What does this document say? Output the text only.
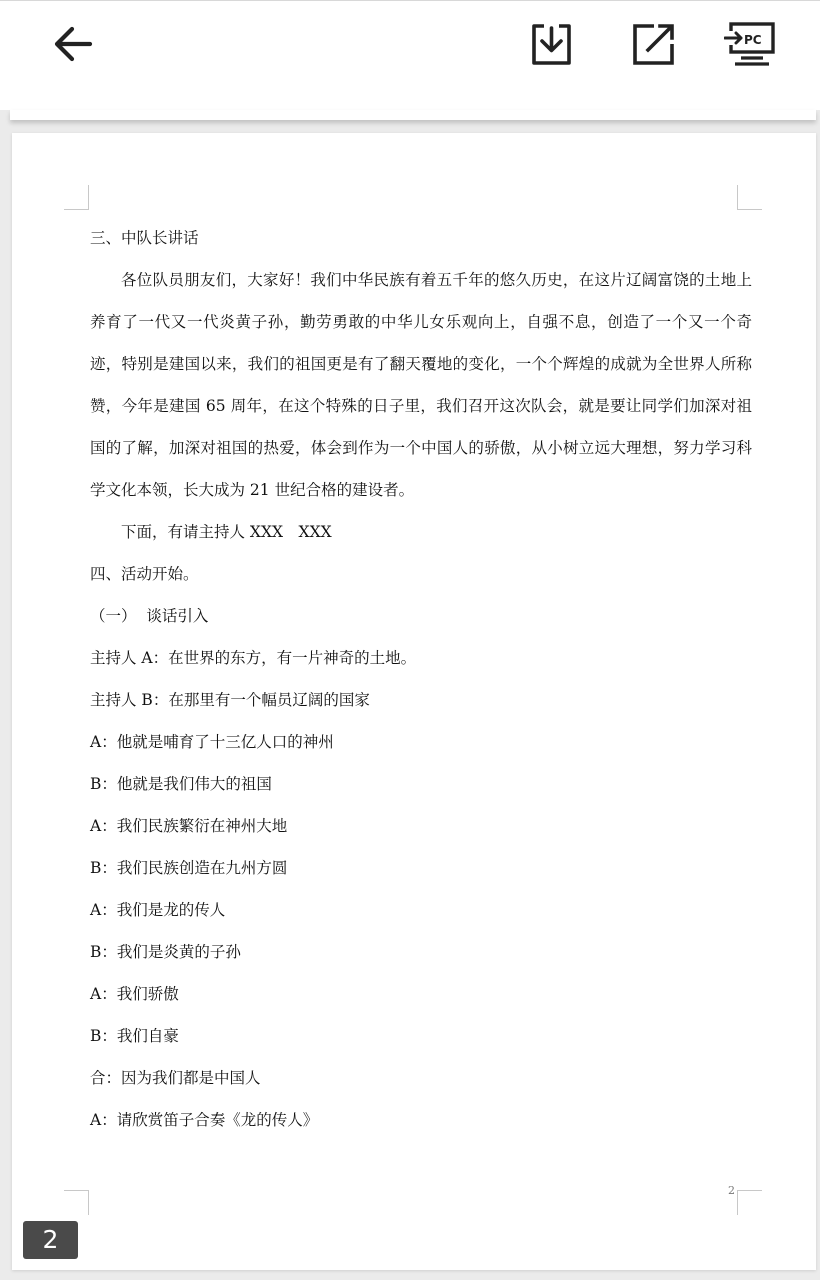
PC

三、中队长讲话

各位队员朋友们，大家好！我们中华民族有着五千年的悠久历史，在这片辽阔富饶的土地上养育了一代又一代炎黄子孙，勤劳勇敢的中华儿女乐观向上，自强不息，创造了一个又一个奇迹，特别是建国以来，我们的祖国更是有了翻天覆地的变化，一个个辉煌的成就为全世界人所称赞，今年是建国 65 周年，在这个特殊的日子里，我们召开这次队会，就是要让同学们加深对祖国的了解，加深对祖国的热爱，体会到作为一个中国人的骄傲，从小树立远大理想，努力学习科学文化本领，长大成为 21 世纪合格的建设者。

下面，有请主持人 XXX　XXX

四、活动开始。

（一）  谈话引入

主持人 A：在世界的东方，有一片神奇的土地。

主持人 B：在那里有一个幅员辽阔的国家

A：他就是哺育了十三亿人口的神州

B：他就是我们伟大的祖国

A：我们民族繁衍在神州大地

B：我们民族创造在九州方圆

A：我们是龙的传人

B：我们是炎黄的子孙

A：我们骄傲

B：我们自豪

合：因为我们都是中国人

A：请欣赏笛子合奏《龙的传人》

2
2
